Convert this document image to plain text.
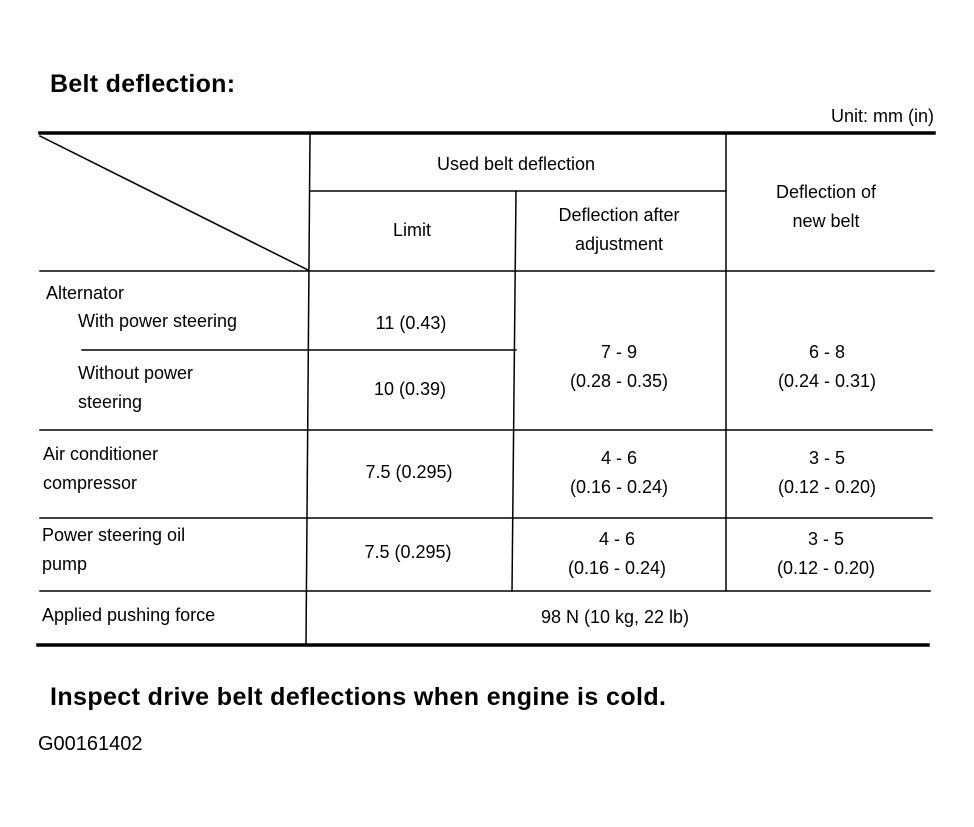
Belt deflection:
Unit: mm (in)
Used belt deflection
Limit
Deflection after
adjustment
Deflection of
new belt
Alternator
With power steering	11 (0.43)
Without power
steering
10 (0.39)
7 - 9
(0.28 - 0.35)
6 - 8
(0.24 - 0.31)
Air conditioner
compressor
7.5 (0.295)
4 - 6
(0.16 - 0.24)
3 - 5
(0.12 - 0.20)
Power steering oil
pump
7.5 (0.295)
4 - 6
(0.16 - 0.24)
3 - 5
(0.12 - 0.20)
Applied pushing force	98 N (10 kg, 22 lb)
Inspect drive belt deflections when engine is cold.
G00161402
